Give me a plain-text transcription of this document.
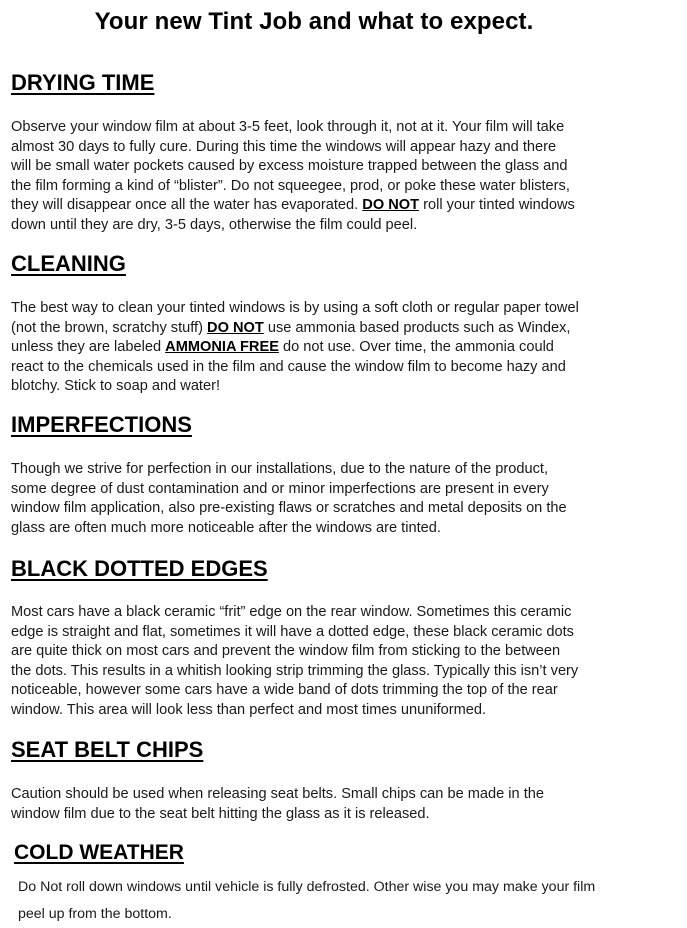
Your new Tint Job and what to expect.
DRYING TIME

Observe your window film at about 3-5 feet, look through it, not at it. Your film will take

almost 30 days to fully cure. During this time the windows will appear hazy and there

will be small water pockets caused by excess moisture trapped between the glass and

the film forming a kind of “blister”. Do not squeegee, prod, or poke these water blisters,

they will disappear once all the water has evaporated. DO NOT roll your tinted windows

down until they are dry, 3-5 days, otherwise the film could peel.

CLEANING

The best way to clean your tinted windows is by using a soft cloth or regular paper towel

(not the brown, scratchy stuff) DO NOT use ammonia based products such as Windex,

unless they are labeled AMMONIA FREE do not use. Over time, the ammonia could

react to the chemicals used in the film and cause the window film to become hazy and

blotchy. Stick to soap and water!

IMPERFECTIONS

Though we strive for perfection in our installations, due to the nature of the product,

some degree of dust contamination and or minor imperfections are present in every

window film application, also pre-existing flaws or scratches and metal deposits on the

glass are often much more noticeable after the windows are tinted.

BLACK DOTTED EDGES

Most cars have a black ceramic “frit” edge on the rear window. Sometimes this ceramic

edge is straight and flat, sometimes it will have a dotted edge, these black ceramic dots

are quite thick on most cars and prevent the window film from sticking to the between

the dots. This results in a whitish looking strip trimming the glass. Typically this isn’t very

noticeable, however some cars have a wide band of dots trimming the top of the rear

window. This area will look less than perfect and most times ununiformed.

SEAT BELT CHIPS

Caution should be used when releasing seat belts. Small chips can be made in the

window film due to the seat belt hitting the glass as it is released.

COLD WEATHER

Do Not roll down windows until vehicle is fully defrosted. Other wise you may make your film

peel up from the bottom.
